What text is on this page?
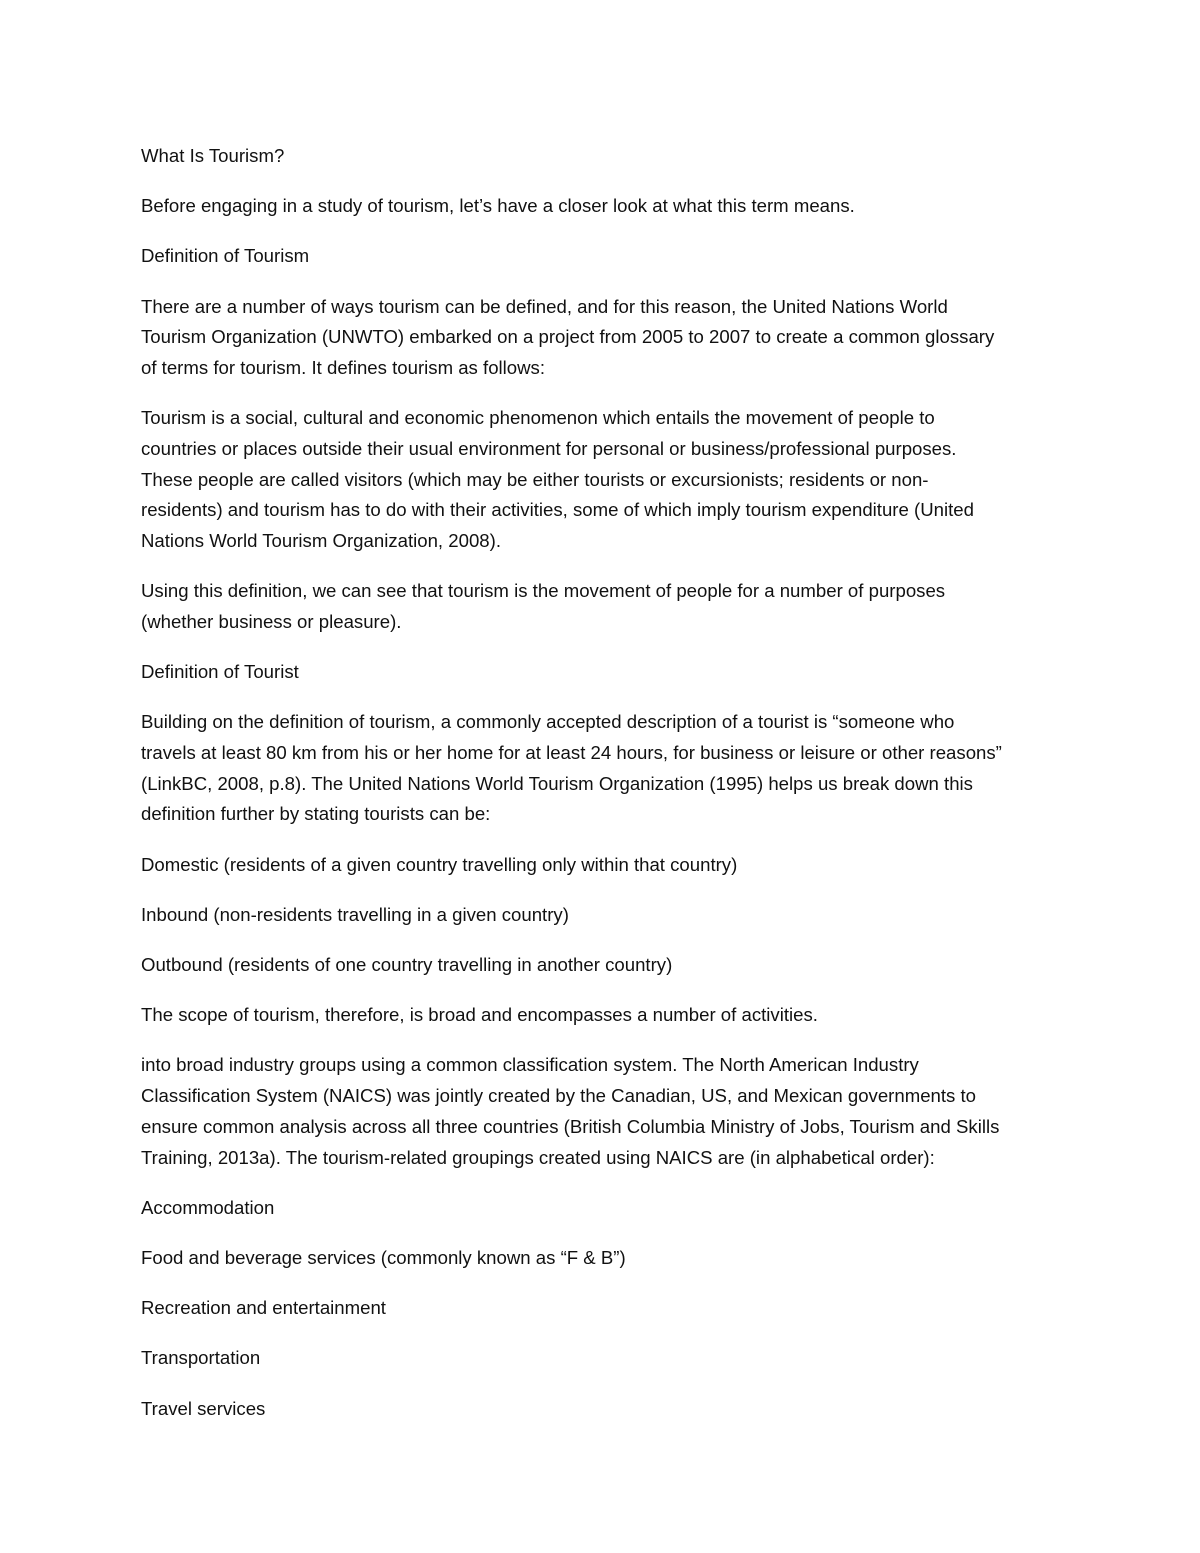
What Is Tourism?

Before engaging in a study of tourism, let’s have a closer look at what this term means.

Definition of Tourism

There are a number of ways tourism can be defined, and for this reason, the United Nations World
Tourism Organization (UNWTO) embarked on a project from 2005 to 2007 to create a common glossary
of terms for tourism. It defines tourism as follows:

Tourism is a social, cultural and economic phenomenon which entails the movement of people to
countries or places outside their usual environment for personal or business/professional purposes.
These people are called visitors (which may be either tourists or excursionists; residents or non-
residents) and tourism has to do with their activities, some of which imply tourism expenditure (United
Nations World Tourism Organization, 2008).

Using this definition, we can see that tourism is the movement of people for a number of purposes
(whether business or pleasure).

Definition of Tourist

Building on the definition of tourism, a commonly accepted description of a tourist is “someone who
travels at least 80 km from his or her home for at least 24 hours, for business or leisure or other reasons”
(LinkBC, 2008, p.8). The United Nations World Tourism Organization (1995) helps us break down this
definition further by stating tourists can be:

Domestic (residents of a given country travelling only within that country)

Inbound (non-residents travelling in a given country)

Outbound (residents of one country travelling in another country)

The scope of tourism, therefore, is broad and encompasses a number of activities.

into broad industry groups using a common classification system. The North American Industry
Classification System (NAICS) was jointly created by the Canadian, US, and Mexican governments to
ensure common analysis across all three countries (British Columbia Ministry of Jobs, Tourism and Skills
Training, 2013a). The tourism-related groupings created using NAICS are (in alphabetical order):

Accommodation

Food and beverage services (commonly known as “F & B”)

Recreation and entertainment

Transportation

Travel services
